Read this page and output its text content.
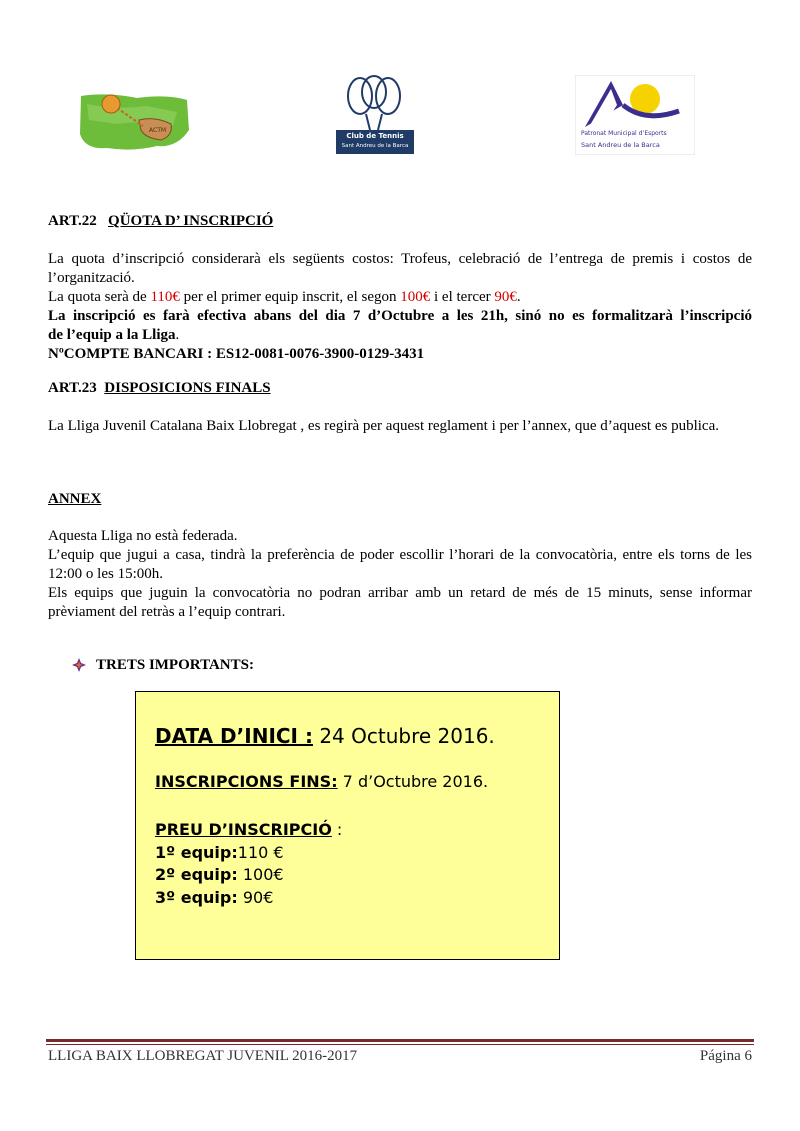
ACTM
Club de Tennis
Sant Andreu de la Barca
Patronat Municipal d’Esports
Sant Andreu de la Barca
ART.22 QÜOTA D’ INSCRIPCIÓ

La quota d’inscripció considerarà els següents costos: Trofeus, celebració de l’entrega de premis i costos de l’organització.

La quota serà de 110€ per el primer equip inscrit, el segon 100€ i el tercer 90€.
La inscripció es farà efectiva abans del dia 7 d’Octubre a les 21h, sinó no es formalitzarà l’inscripció
de l’equip a la Lliga.
NºCOMPTE BANCARI : ES12-0081-0076-3900-0129-3431
ART.23 DISPOSICIONS FINALS

La Lliga Juvenil Catalana Baix Llobregat , es regirà per aquest reglament i per l’annex, que d’aquest es publica.

ANNEX
Aquesta Lliga no està federada.

L’equip que jugui a casa, tindrà la preferència de poder escollir l’horari de la convocatòria, entre els torns de les 12:00 o les 15:00h.

Els equips que juguin la convocatòria no podran arribar amb un retard de més de 15 minuts, sense informar prèviament del retràs a l’equip contrari.

TRETS IMPORTANTS:
DATA D’INICI : 24 Octubre 2016.
INSCRIPCIONS FINS: 7 d’Octubre 2016.
PREU D’INSCRIPCIÓ :
1º equip:110 €
2º equip: 100€
3º equip: 90€
LLIGA BAIX LLOBREGAT JUVENIL 2016-2017	Página 6
